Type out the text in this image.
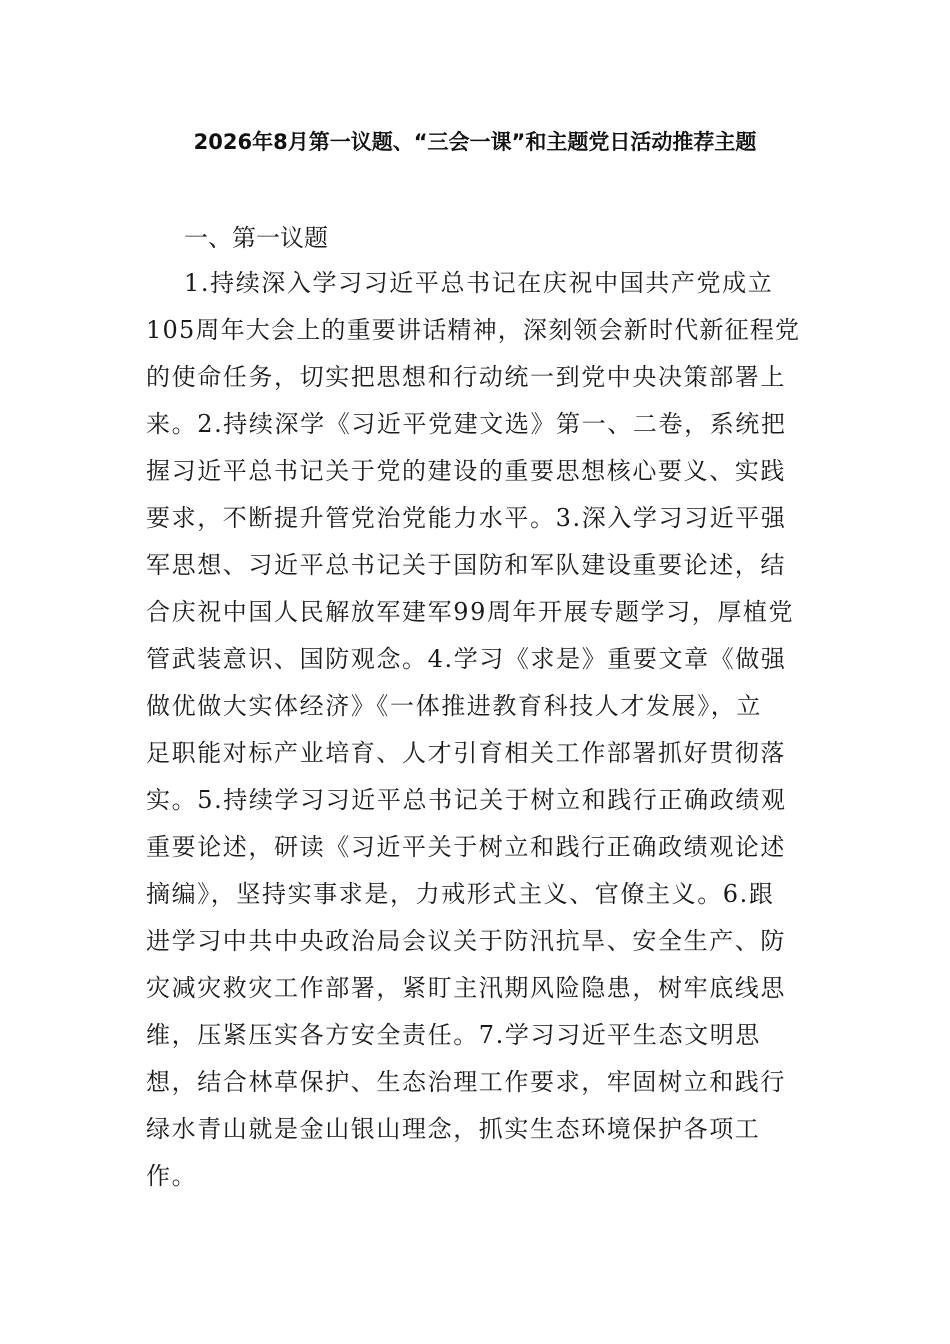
2026年8月第一议题、“三会一课”和主题党日活动推荐主题
一、第一议题
1.持续深入学习习近平总书记在庆祝中国共产党成立
105周年大会上的重要讲话精神，深刻领会新时代新征程党
的使命任务，切实把思想和行动统一到党中央决策部署上
来。2.持续深学《习近平党建文选》第一、二卷，系统把
握习近平总书记关于党的建设的重要思想核心要义、实践
要求，不断提升管党治党能力水平。3.深入学习习近平强
军思想、习近平总书记关于国防和军队建设重要论述，结
合庆祝中国人民解放军建军99周年开展专题学习，厚植党
管武装意识、国防观念。4.学习《求是》重要文章《做强
做优做大实体经济》《一体推进教育科技人才发展》，立
足职能对标产业培育、人才引育相关工作部署抓好贯彻落
实。5.持续学习习近平总书记关于树立和践行正确政绩观
重要论述，研读《习近平关于树立和践行正确政绩观论述
摘编》，坚持实事求是，力戒形式主义、官僚主义。6.跟
进学习中共中央政治局会议关于防汛抗旱、安全生产、防
灾减灾救灾工作部署，紧盯主汛期风险隐患，树牢底线思
维，压紧压实各方安全责任。7.学习习近平生态文明思
想，结合林草保护、生态治理工作要求，牢固树立和践行
绿水青山就是金山银山理念，抓实生态环境保护各项工
作。
